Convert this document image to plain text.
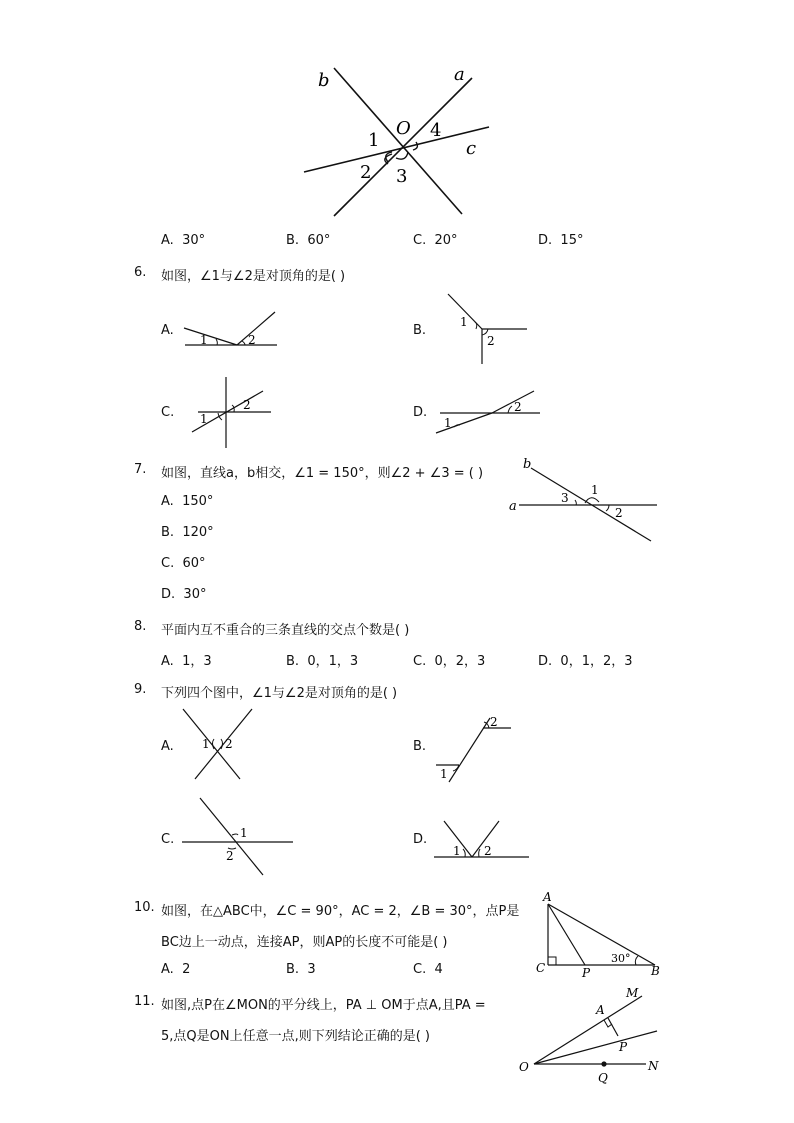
b	a
O
1	4
c
2 3
A. 30°	B. 60°	C. 20°	D. 15°
6. 如图，∠1与∠2是对顶角的是( )
A.
1	2
B.
1
2
C. 1
2	D.
1
2
7. 如图，直线a，b相交，∠1 = 150°，则∠2 + ∠3 = ( )
A. 150°
B. 120°
C. 60°
D. 30°
b
a
1
3
2
8. 平面内互不重合的三条直线的交点个数是( )
A. 1，3	B. 0，1，3	C. 0，2，3	D. 0，1，2，3
9. 下列四个图中，∠1与∠2是对顶角的是( )
A. 1 2	B.
1
2
C.	1
2
D.
1 2
10. 如图，在△ABC中，∠C = 90°，AC = 2，∠B = 30°，点P是
BC边上一动点，连接AP，则AP的长度不可能是( )
A. 2	B. 3	C. 4
A
C	P
30°
B
11. 如图,点P在∠MON的平分线上，PA ⊥ OM于点A,且PA =
5,点Q是ON上任意一点,则下列结论正确的是( )
M
A
P
O
Q
N
